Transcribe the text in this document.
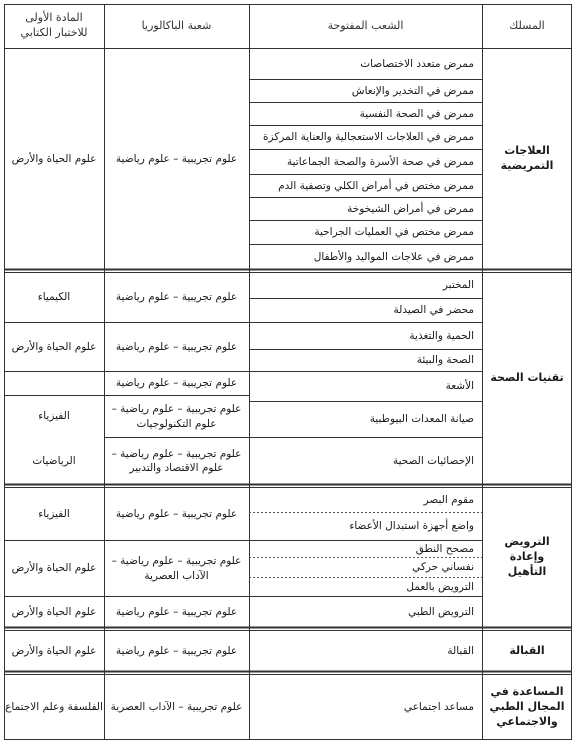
المسلك
الشعب المفتوحة
شعبة الباكالوريا
المادة الأولى للاختبار الكتابي
العلاجات التمريضية
ممرض متعدد الاختصاصات
ممرض في التخدير والإنعاش
ممرض في الصحة النفسية
ممرض في العلاجات الاستعجالية والعناية المركزة
ممرض في صحة الأسرة والصحة الجماعاتية
ممرض مختص في أمراض الكلي وتصفية الدم
ممرض في أمراض الشيخوخة
ممرض مختص في العمليات الجراحية
ممرض في علاجات المواليد والأطفال
علوم تجريبية – علوم رياضية
علوم الحياة والأرض
تقنيات الصحة
المختبر
محضر في الصيدلة
الحمية والتغذية
الصحة والبيئة
الأشعة
صيانة المعدات البيوطبية
الإحصائيات الصحية
علوم تجريبية – علوم رياضية
الكيمياء
علوم تجريبية – علوم رياضية
علوم الحياة والأرض
علوم تجريبية – علوم رياضية
علوم تجريبية – علوم رياضية – علوم التكنولوجيات
الفيزياء
علوم تجريبية – علوم رياضية – علوم الاقتصاد والتدبير
الرياضيات
الترويض وإعادة التأهيل
مقوم البصر
واضع أجهزة استبدال الأعضاء
مصحح النطق
نفساني حركي
الترويض بالعمل
الترويض الطبي
علوم تجريبية – علوم رياضية
الفيزياء
علوم تجريبية – علوم رياضية – الآداب العصرية
علوم الحياة والأرض
علوم تجريبية – علوم رياضية
علوم الحياة والأرض
القبالة
القبالة
علوم تجريبية – علوم رياضية
علوم الحياة والأرض
المساعدة في المجال الطبي والاجتماعي
مساعد اجتماعي
علوم تجريبية – الآداب العصرية
الفلسفة وعلم الاجتماع
